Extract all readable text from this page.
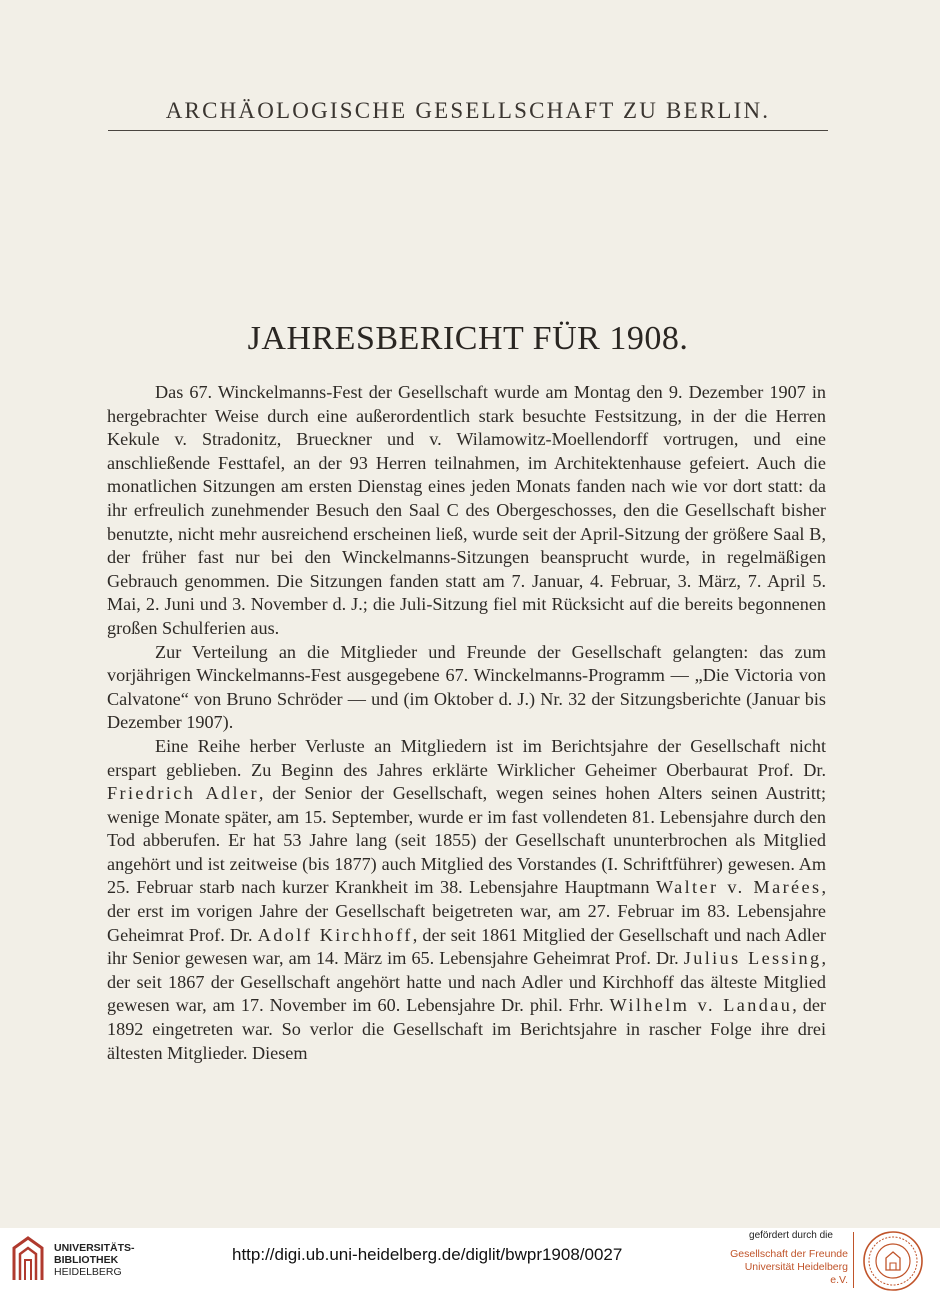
ARCHÄOLOGISCHE GESELLSCHAFT ZU BERLIN.
JAHRESBERICHT FÜR 1908.

Das 67. Winckelmanns-Fest der Gesellschaft wurde am Montag den 9. Dezember 1907 in hergebrachter Weise durch eine außerordentlich stark besuchte Festsitzung, in der die Herren Kekule v. Stradonitz, Brueckner und v. Wilamowitz-Moellendorff vortrugen, und eine anschließende Festtafel, an der 93 Herren teilnahmen, im Architektenhause gefeiert. Auch die monatlichen Sitzungen am ersten Dienstag eines jeden Monats fanden nach wie vor dort statt: da ihr erfreulich zunehmender Besuch den Saal C des Obergeschosses, den die Gesellschaft bisher benutzte, nicht mehr ausreichend erscheinen ließ, wurde seit der April-Sitzung der größere Saal B, der früher fast nur bei den Winckelmanns-Sitzungen beansprucht wurde, in regelmäßigen Gebrauch genommen. Die Sitzungen fanden statt am 7. Januar, 4. Februar, 3. März, 7. April 5. Mai, 2. Juni und 3. November d. J.; die Juli-Sitzung fiel mit Rücksicht auf die bereits begonnenen großen Schulferien aus.

Zur Verteilung an die Mitglieder und Freunde der Gesellschaft gelangten: das zum vorjährigen Winckelmanns-Fest ausgegebene 67. Winckelmanns-Programm — „Die Victoria von Calvatone“ von Bruno Schröder — und (im Oktober d. J.) Nr. 32 der Sitzungsberichte (Januar bis Dezember 1907).

Eine Reihe herber Verluste an Mitgliedern ist im Berichtsjahre der Gesellschaft nicht erspart geblieben. Zu Beginn des Jahres erklärte Wirklicher Geheimer Oberbaurat Prof. Dr. Friedrich Adler, der Senior der Gesellschaft, wegen seines hohen Alters seinen Austritt; wenige Monate später, am 15. September, wurde er im fast vollendeten 81. Lebensjahre durch den Tod abberufen. Er hat 53 Jahre lang (seit 1855) der Gesellschaft ununterbrochen als Mitglied angehört und ist zeitweise (bis 1877) auch Mitglied des Vorstandes (I. Schriftführer) gewesen. Am 25. Februar starb nach kurzer Krankheit im 38. Lebensjahre Hauptmann Walter v. Marées, der erst im vorigen Jahre der Gesellschaft beigetreten war, am 27. Februar im 83. Lebensjahre Geheimrat Prof. Dr. Adolf Kirchhoff, der seit 1861 Mitglied der Gesellschaft und nach Adler ihr Senior gewesen war, am 14. März im 65. Lebensjahre Geheimrat Prof. Dr. Julius Lessing, der seit 1867 der Gesellschaft angehört hatte und nach Adler und Kirchhoff das älteste Mitglied gewesen war, am 17. November im 60. Lebensjahre Dr. phil. Frhr. Wilhelm v. Landau, der 1892 eingetreten war. So verlor die Gesellschaft im Berichtsjahre in rascher Folge ihre drei ältesten Mitglieder. Diesem

UNIVERSITÄTS-
BIBLIOTHEK
HEIDELBERG
http://digi.ub.uni-heidelberg.de/diglit/bwpr1908/0027
gefördert durch die
Gesellschaft der Freunde
Universität Heidelberg e.V.
